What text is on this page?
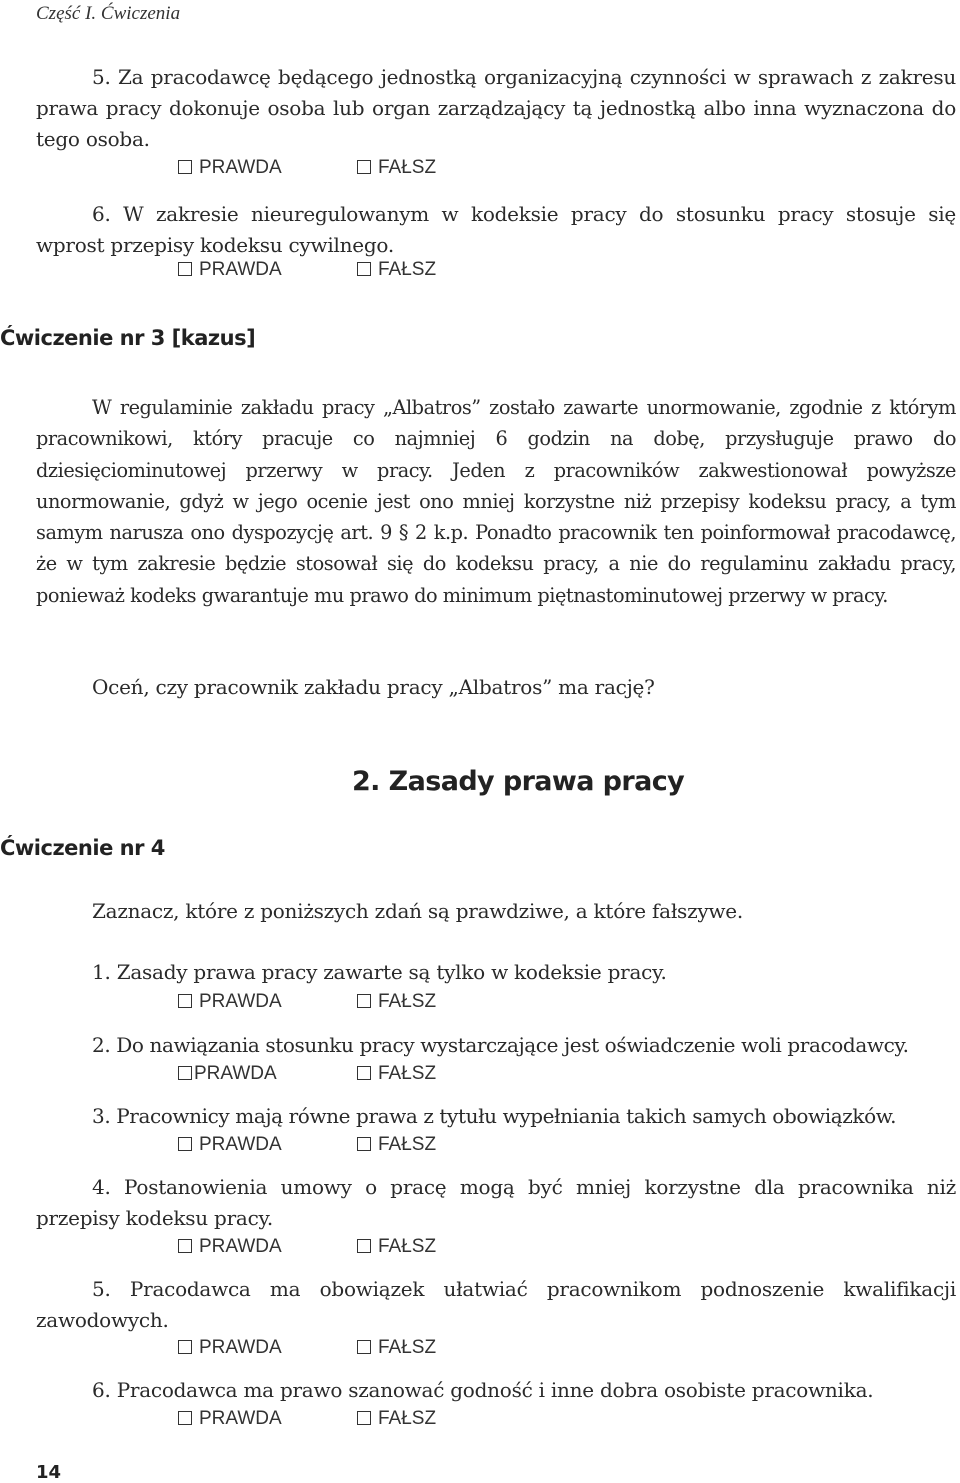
Część I. Ćwiczenia
5. Za pracodawcę będącego jednostką organizacyjną czynności w sprawach z zakresu prawa pracy dokonuje osoba lub organ zarządzający tą jednostką albo inna wyznaczona do tego osoba.
PRAWDA	FAŁSZ
6. W zakresie nieuregulowanym w kodeksie pracy do stosunku pracy stosuje się wprost przepisy kodeksu cywilnego.
PRAWDA	FAŁSZ
Ćwiczenie nr 3 [kazus]
W regulaminie zakładu pracy „Albatros” zostało zawarte unormowanie, zgodnie z którym pracownikowi, który pracuje co najmniej 6 godzin na dobę, przysługuje prawo do dziesięciominutowej przerwy w pracy. Jeden z pracowników zakwestionował powyższe unormowanie, gdyż w jego ocenie jest ono mniej korzystne niż przepisy kodeksu pracy, a tym samym narusza ono dyspozycję art. 9 § 2 k.p. Ponadto pracownik ten poinformował pracodawcę, że w tym zakresie będzie stosował się do kodeksu pracy, a nie do regulaminu zakładu pracy, ponieważ kodeks gwarantuje mu prawo do minimum piętnastominutowej przerwy w pracy.
Oceń, czy pracownik zakładu pracy „Albatros” ma rację?
2. Zasady prawa pracy
Ćwiczenie nr 4
Zaznacz, które z poniższych zdań są prawdziwe, a które fałszywe.
1. Zasady prawa pracy zawarte są tylko w kodeksie pracy.
PRAWDA	FAŁSZ
2. Do nawiązania stosunku pracy wystarczające jest oświadczenie woli pracodawcy.
PRAWDA	FAŁSZ
3. Pracownicy mają równe prawa z tytułu wypełniania takich samych obowiązków.
PRAWDA	FAŁSZ
4. Postanowienia umowy o pracę mogą być mniej korzystne dla pracownika niż przepisy kodeksu pracy.
PRAWDA	FAŁSZ
5. Pracodawca ma obowiązek ułatwiać pracownikom podnoszenie kwalifikacji zawodowych.
PRAWDA	FAŁSZ
6. Pracodawca ma prawo szanować godność i inne dobra osobiste pracownika.
PRAWDA	FAŁSZ
14
